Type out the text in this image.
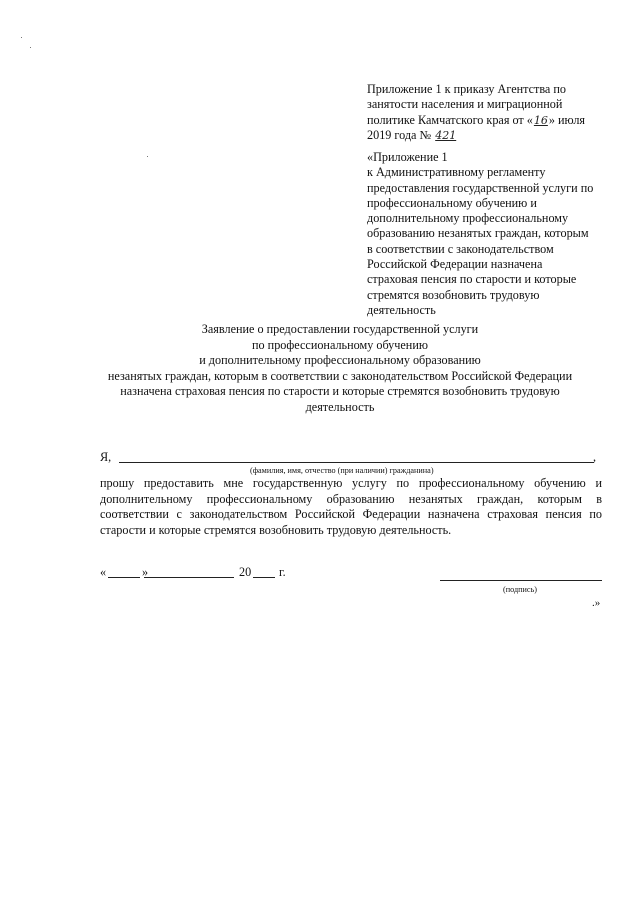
Приложение 1 к приказу Агентства по
занятости населения и миграционной
политике Камчатского края от «16» июля
2019 года № 421
«Приложение 1
к Административному регламенту
предоставления государственной услуги по
профессиональному обучению и
дополнительному профессиональному
образованию незанятых граждан, которым
в соответствии с законодательством
Российской Федерации назначена
страховая пенсия по старости и которые
стремятся возобновить трудовую
деятельность
Заявление о предоставлении государственной услуги
по профессиональному обучению
и дополнительному профессиональному образованию
незанятых граждан, которым в соответствии с законодательством Российской Федерации
назначена страховая пенсия по старости и которые стремятся возобновить трудовую
деятельность
Я,	,
(фамилия, имя, отчество (при наличии) гражданина)
прошу предоставить мне государственную услугу по профессиональному обучению и
дополнительному профессиональному образованию незанятых граждан, которым в
соответствии с законодательством Российской Федерации назначена страховая пенсия по
старости и которые стремятся возобновить трудовую деятельность.
«	»	20 г.
(подпись)
.»
